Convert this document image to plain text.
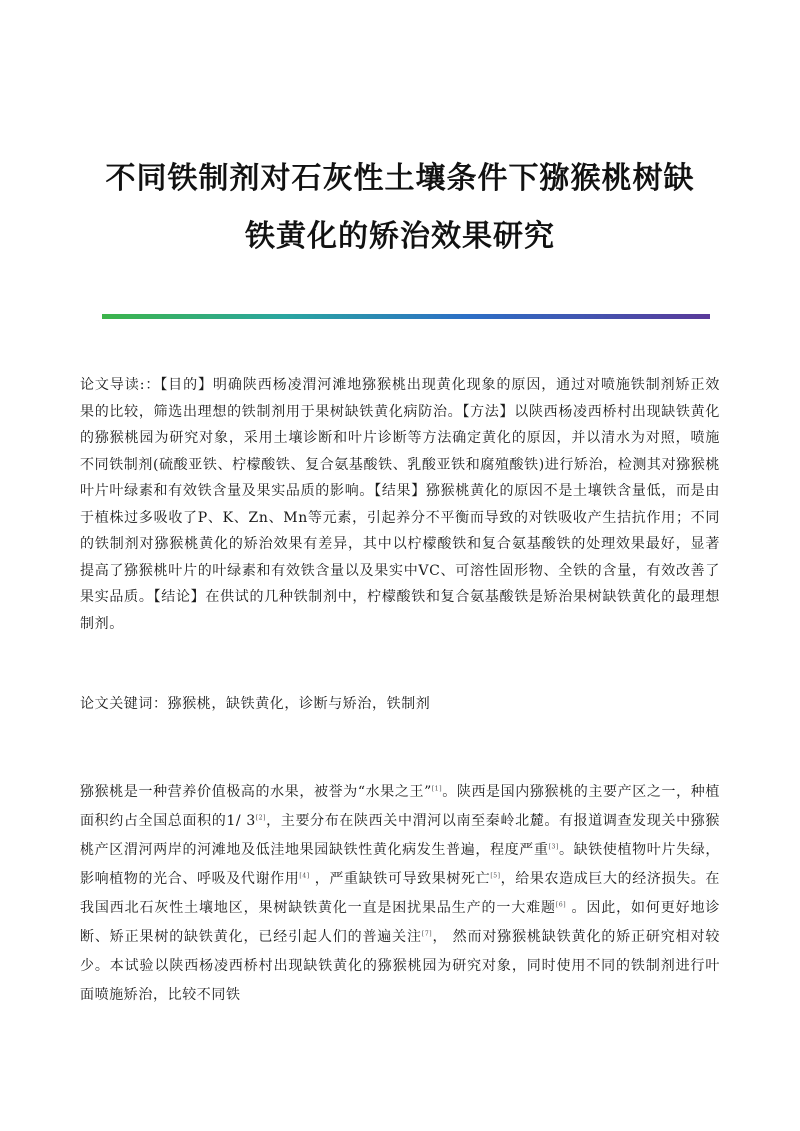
不同铁制剂对石灰性土壤条件下猕猴桃树缺
铁黄化的矫治效果研究

论文导读:：【目的】明确陕西杨凌渭河滩地猕猴桃出现黄化现象的原因，通过对喷施铁制剂矫正效果的比较，筛选出理想的铁制剂用于果树缺铁黄化病防治。【方法】以陕西杨凌西桥村出现缺铁黄化的猕猴桃园为研究对象，采用土壤诊断和叶片诊断等方法确定黄化的原因，并以清水为对照，喷施不同铁制剂(硫酸亚铁、柠檬酸铁、复合氨基酸铁、乳酸亚铁和腐殖酸铁)进行矫治，检测其对猕猴桃叶片叶绿素和有效铁含量及果实品质的影响。【结果】猕猴桃黄化的原因不是土壤铁含量低，而是由于植株过多吸收了P、K、Zn、Mn等元素，引起养分不平衡而导致的对铁吸收产生拮抗作用；不同的铁制剂对猕猴桃黄化的矫治效果有差异，其中以柠檬酸铁和复合氨基酸铁的处理效果最好，显著提高了猕猴桃叶片的叶绿素和有效铁含量以及果实中VC、可溶性固形物、全铁的含量，有效改善了果实品质。【结论】在供试的几种铁制剂中，柠檬酸铁和复合氨基酸铁是矫治果树缺铁黄化的最理想制剂。

论文关键词：猕猴桃，缺铁黄化，诊断与矫治，铁制剂

猕猴桃是一种营养价值极高的水果，被誉为“水果之王”[1]。陕西是国内猕猴桃的主要产区之一，种植面积约占全国总面积的1/ 3[2]，主要分布在陕西关中渭河以南至秦岭北麓。有报道调查发现关中猕猴桃产区渭河两岸的河滩地及低洼地果园缺铁性黄化病发生普遍，程度严重[3]。缺铁使植物叶片失绿，影响植物的光合、呼吸及代谢作用[4] ，严重缺铁可导致果树死亡[5]，给果农造成巨大的经济损失。在我国西北石灰性土壤地区，果树缺铁黄化一直是困扰果品生产的一大难题[6] 。因此，如何更好地诊断、矫正果树的缺铁黄化，已经引起人们的普遍关注[7]， 然而对猕猴桃缺铁黄化的矫正研究相对较少。本试验以陕西杨凌西桥村出现缺铁黄化的猕猴桃园为研究对象，同时使用不同的铁制剂进行叶面喷施矫治，比较不同铁
